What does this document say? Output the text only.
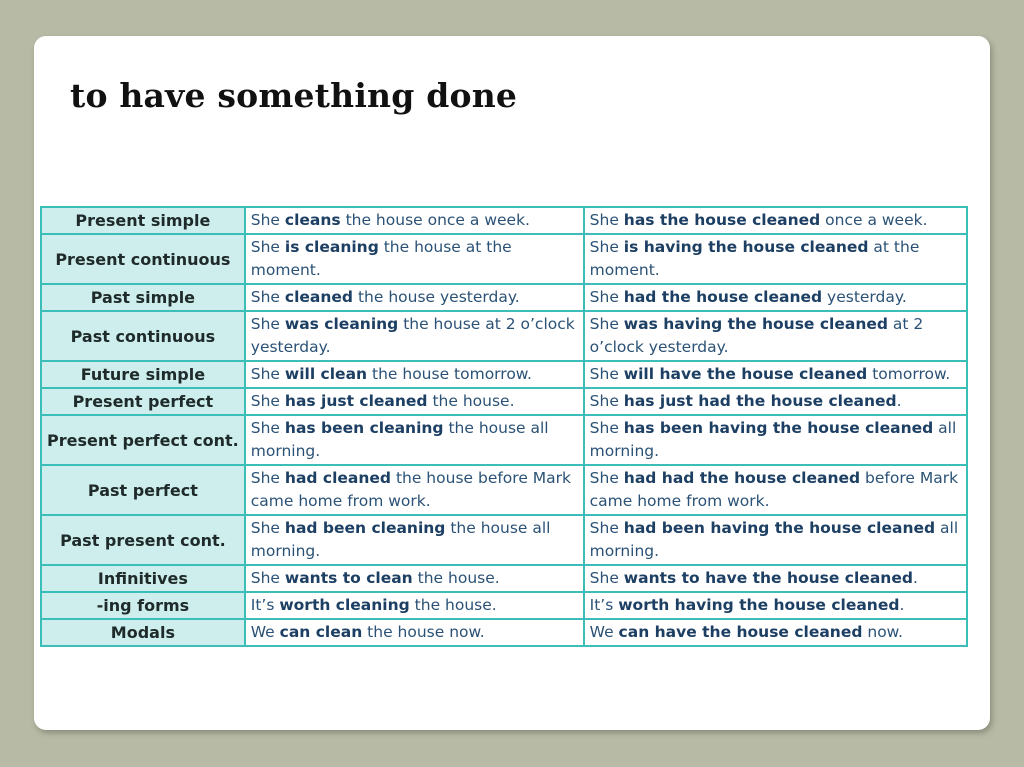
to have something done
Present simple	She cleans the house once a week.	She has the house cleaned once a week.
Present continuous	She is cleaning the house at the moment.	She is having the house cleaned at the moment.
Past simple	She cleaned the house yesterday.	She had the house cleaned yesterday.
Past continuous	She was cleaning the house at 2 o’clock yesterday.	She was having the house cleaned at 2 o’clock yesterday.
Future simple	She will clean the house tomorrow.	She will have the house cleaned tomorrow.
Present perfect	She has just cleaned the house.	She has just had the house cleaned.
Present perfect cont.	She has been cleaning the house all morning.	She has been having the house cleaned all morning.
Past perfect	She had cleaned the house before Mark came home from work.	She had had the house cleaned before Mark came home from work.
Past present cont.	She had been cleaning the house all morning.	She had been having the house cleaned all morning.
Infinitives	She wants to clean the house.	She wants to have the house cleaned.
-ing forms	It’s worth cleaning the house.	It’s worth having the house cleaned.
Modals	We can clean the house now.	We can have the house cleaned now.
